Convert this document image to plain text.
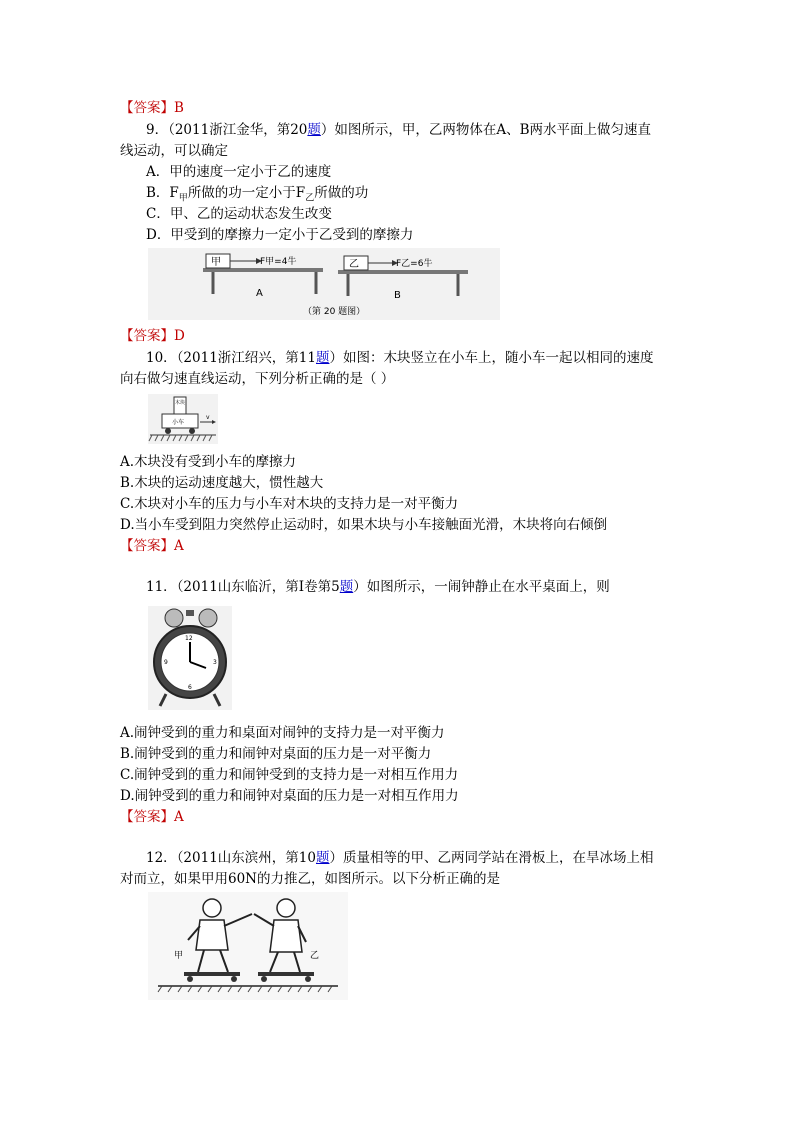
【答案】B
9．（2011浙江金华，第20题）如图所示，甲，乙两物体在A、B两水平面上做匀速直
线运动，可以确定
A．甲的速度一定小于乙的速度
B．$F_甲$所做的功一定小于$F_乙$所做的功
C．甲、乙的运动状态发生改变
D．甲受到的摩擦力一定小于乙受到的摩擦力
甲	F甲=4牛
A
乙	F乙=6牛
B
（第 20 题图）
【答案】D
10．（2011浙江绍兴，第11题）如图：木块竖立在小车上，随小车一起以相同的速度
向右做匀速直线运动，下列分析正确的是（ ）
木块
小车
v
A.木块没有受到小车的摩擦力
B.木块的运动速度越大，惯性越大
C.木块对小车的压力与小车对木块的支持力是一对平衡力
D.当小车受到阻力突然停止运动时，如果木块与小车接触面光滑，木块将向右倾倒
【答案】A
11．（2011山东临沂，第Ⅰ卷第5题）如图所示，一闹钟静止在水平桌面上，则
12
6
9	3
A.闹钟受到的重力和桌面对闹钟的支持力是一对平衡力
B.闹钟受到的重力和闹钟对桌面的压力是一对平衡力
C.闹钟受到的重力和闹钟受到的支持力是一对相互作用力
D.闹钟受到的重力和闹钟对桌面的压力是一对相互作用力
【答案】A
12．（2011山东滨州，第10题）质量相等的甲、乙两同学站在滑板上，在旱冰场上相
对而立，如果甲用60N的力推乙，如图所示。以下分析正确的是
甲	乙
